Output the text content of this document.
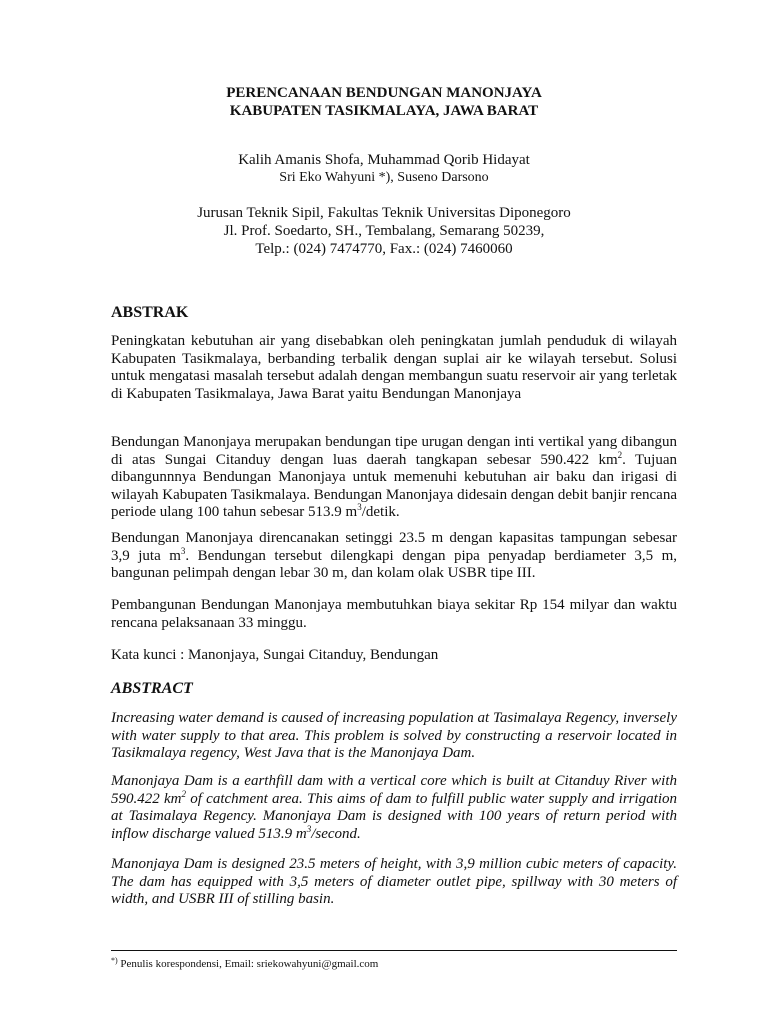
PERENCANAAN BENDUNGAN MANONJAYA
KABUPATEN TASIKMALAYA, JAWA BARAT
Kalih Amanis Shofa, Muhammad Qorib Hidayat
Sri Eko Wahyuni *), Suseno Darsono
Jurusan Teknik Sipil, Fakultas Teknik Universitas Diponegoro
Jl. Prof. Soedarto, SH., Tembalang, Semarang 50239,
Telp.: (024) 7474770, Fax.: (024) 7460060
ABSTRAK

Peningkatan kebutuhan air yang disebabkan oleh peningkatan jumlah penduduk di wilayah Kabupaten Tasikmalaya, berbanding terbalik dengan suplai air ke wilayah tersebut. Solusi untuk mengatasi masalah tersebut adalah dengan membangun suatu reservoir air yang terletak di Kabupaten Tasikmalaya, Jawa Barat yaitu Bendungan Manonjaya

Bendungan Manonjaya merupakan bendungan tipe urugan dengan inti vertikal yang dibangun di atas Sungai Citanduy dengan luas daerah tangkapan sebesar 590.422 $km^2$. Tujuan dibangunnnya Bendungan Manonjaya untuk memenuhi kebutuhan air baku dan irigasi di wilayah Kabupaten Tasikmalaya. Bendungan Manonjaya didesain dengan debit banjir rencana periode ulang 100 tahun sebesar 513.9 $m^3$/detik.

Bendungan Manonjaya direncanakan setinggi 23.5 m dengan kapasitas tampungan sebesar 3,9 juta $m^3$. Bendungan tersebut dilengkapi dengan pipa penyadap berdiameter 3,5 m, bangunan pelimpah dengan lebar 30 m, dan kolam olak USBR tipe III.

Pembangunan Bendungan Manonjaya membutuhkan biaya sekitar Rp 154 milyar dan waktu rencana pelaksanaan 33 minggu.

Kata kunci : Manonjaya, Sungai Citanduy, Bendungan

ABSTRACT

Increasing water demand is caused of increasing population at Tasimalaya Regency, inversely with water supply to that area. This problem is solved by constructing a reservoir located in Tasikmalaya regency, West Java that is the Manonjaya Dam.

Manonjaya Dam is a earthfill dam with a vertical core which is built at Citanduy River with 590.422 $km^2$ of catchment area. This aims of dam to fulfill public water supply and irrigation at Tasimalaya Regency. Manonjaya Dam is designed with 100 years of return period with inflow discharge valued 513.9 $m^3$/second.

Manonjaya Dam is designed 23.5 meters of height, with 3,9 million cubic meters of capacity. The dam has equipped with 3,5 meters of diameter outlet pipe, spillway with 30 meters of width, and USBR III of stilling basin.

*) Penulis korespondensi, Email: sriekowahyuni@gmail.com
